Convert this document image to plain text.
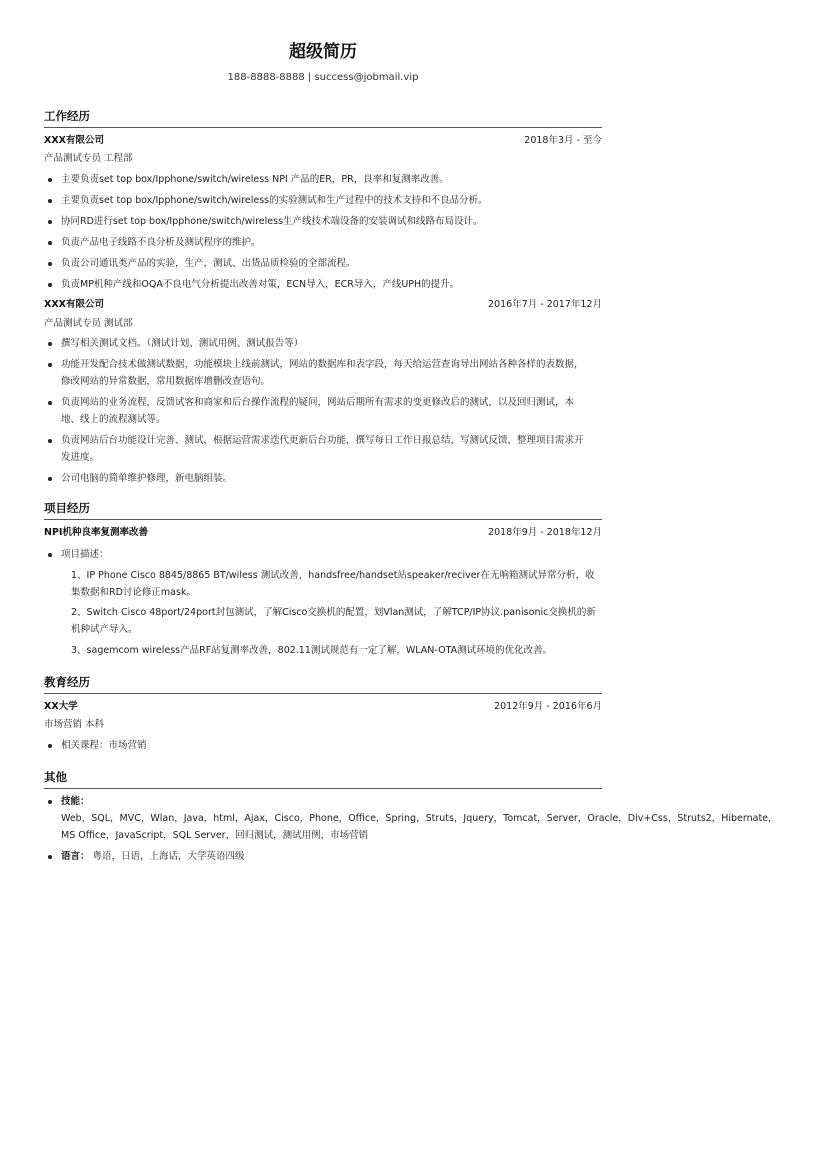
超级简历
188-8888-8888 | success@jobmail.vip
工作经历
XXX有限公司	2018年3月 - 至今
产品测试专员 工程部
主要负责set top box/Ipphone/switch/wireless NPI 产品的ER，PR，良率和复测率改善。
主要负责set top box/Ipphone/switch/wireless的实验测试和生产过程中的技术支持和不良品分析。
协同RD进行set top box/Ipphone/switch/wireless生产线技术端设备的安装调试和线路布局设计。
负责产品电子线路不良分析及测试程序的维护。
负责公司通讯类产品的实验，生产，测试、出货品质检验的全部流程。
负责MP机种产线和OQA不良电气分析提出改善对策，ECN导入，ECR导入，产线UPH的提升。
XXX有限公司	2016年7月 - 2017年12月
产品测试专员 测试部
撰写相关测试文档。（测试计划、测试用例、测试报告等）
功能开发配合技术做测试数据，功能模块上线前测试，网站的数据库和表字段，每天给运营查询导出网站各种各样的表数据，修改网站的异常数据，常用数据库增删改查语句。
负责网站的业务流程，反馈试客和商家和后台操作流程的疑问，网站后期所有需求的变更修改后的测试，以及回归测试，本地、线上的流程测试等。
负责网站后台功能设计完善、测试，根据运营需求迭代更新后台功能，撰写每日工作日报总结，写测试反馈，整理项目需求开发进度。
公司电脑的简单维护修理，新电脑组装。
项目经历
NPI机种良率复测率改善	2018年9月 - 2018年12月
项目描述：
1、IP Phone Cisco 8845/8865 BT/wiless 测试改善，handsfree/handset站speaker/reciver在无响箱测试异常分析，收集数据和RD讨论修正mask。
2、Switch Cisco 48port/24port封包测试，了解Cisco交换机的配置，划Vlan测试，了解TCP/IP协议.panisonic交换机的新机种试产导入。
3、sagemcom wireless产品RF站复测率改善，802.11测试规范有一定了解，WLAN-OTA测试环境的优化改善。
教育经历
XX大学	2012年9月 - 2016年6月
市场营销 本科
相关课程：市场营销
其他
技能：
Web，SQL，MVC，Wlan，Java，html，Ajax，Cisco，Phone，Office，Spring，Struts，Jquery，Tomcat，Server，Oracle，Div+Css，Struts2，Hibernate，MS Office，JavaScript，SQL Server，回归测试，测试用例，市场营销
语言： 粤语，日语，上海话，大学英语四级
